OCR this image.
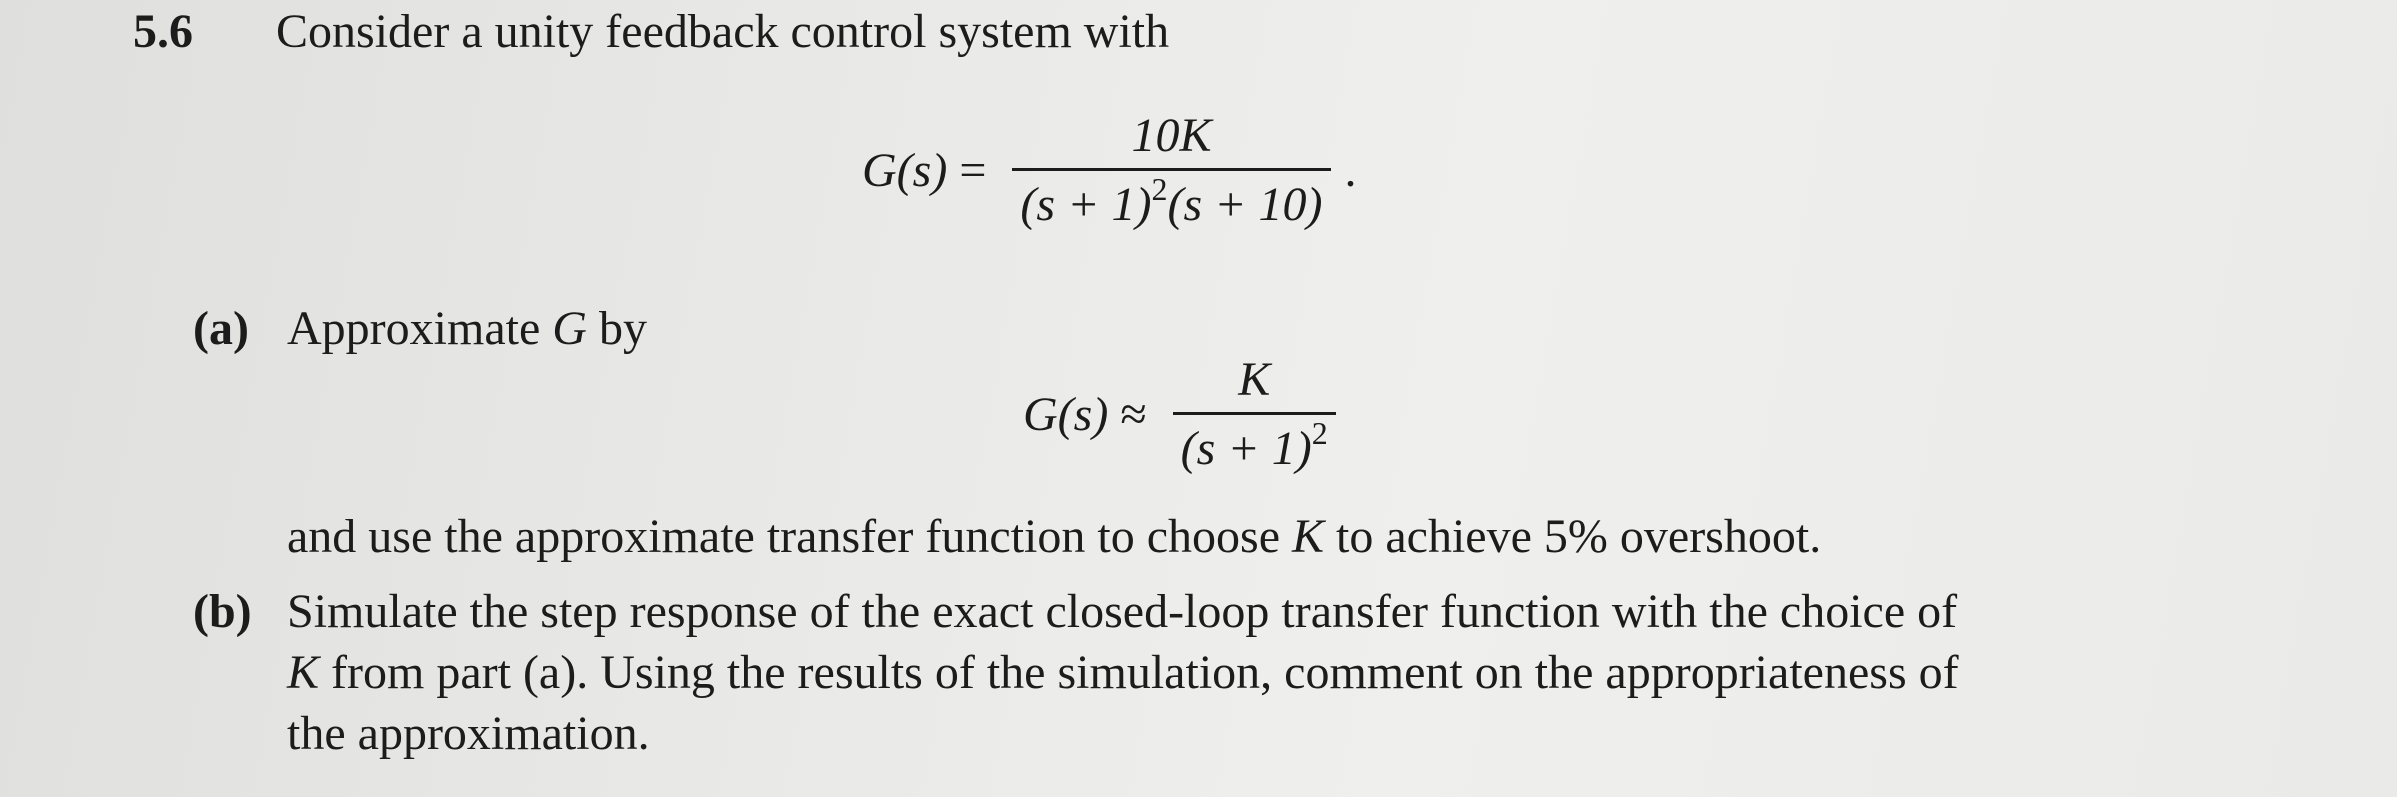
5.6 Consider a unity feedback control system with
G $(s) = \frac{10K}{(s + 1)^2(s + 10)}$ .
(a) Approximate G by
G $(s) \approx \frac{K}{(s + 1)^2}$
and use the approximate transfer function to choose K to achieve 5% overshoot.
(b) Simulate the step response of the exact closed-loop transfer function with the choice of
K from part (a). Using the results of the simulation, comment on the appropriateness of
the approximation.
